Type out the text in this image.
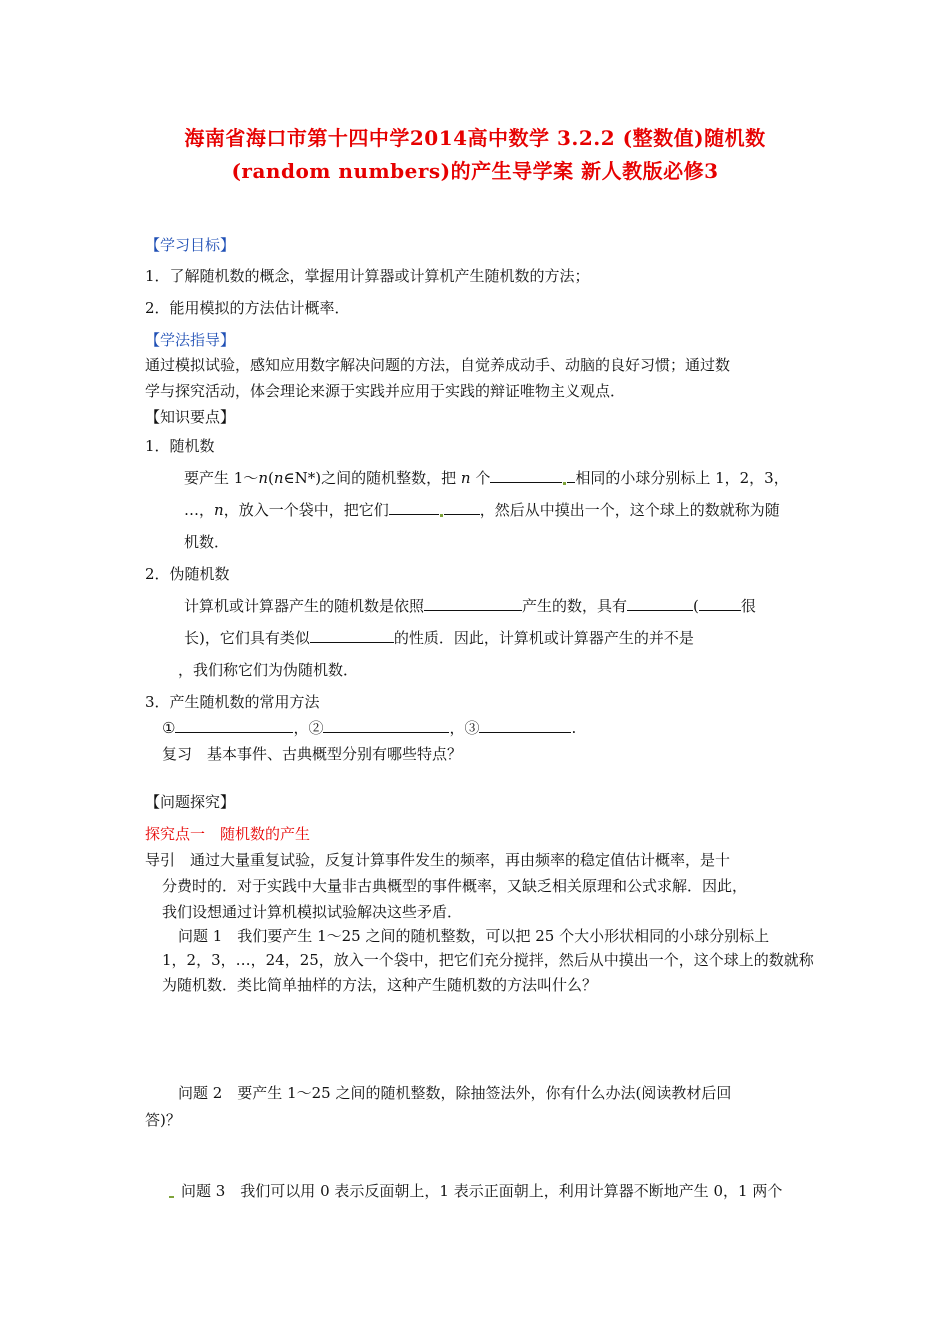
海南省海口市第十四中学2014高中数学 3.2.2 (整数值)随机数
(random numbers)的产生导学案 新人教版必修3
【学习目标】
1．了解随机数的概念，掌握用计算器或计算机产生随机数的方法；
2．能用模拟的方法估计概率．
【学法指导】
通过模拟试验，感知应用数字解决问题的方法，自觉养成动手、动脑的良好习惯；通过数
学与探究活动，体会理论来源于实践并应用于实践的辩证唯物主义观点．
【知识要点】
1．随机数
要产生 1～n(n∈N*)之间的随机整数，把 n 个	相同的小球分别标上 1，2，3，
…，n，放入一个袋中，把它们	，然后从中摸出一个，这个球上的数就称为随
机数．
2．伪随机数
计算机或计算器产生的随机数是依照	产生的数，具有	(	很
长)，它们具有类似	的性质．因此，计算机或计算器产生的并不是
，我们称它们为伪随机数．
3．产生随机数的常用方法
①	，②	，③	.
复习　基本事件、古典概型分别有哪些特点？
【问题探究】
探究点一　随机数的产生
导引　通过大量重复试验，反复计算事件发生的频率，再由频率的稳定值估计概率，是十
分费时的．对于实践中大量非古典概型的事件概率，又缺乏相关原理和公式求解．因此，
我们设想通过计算机模拟试验解决这些矛盾．
问题 1　我们要产生 1～25 之间的随机整数，可以把 25 个大小形状相同的小球分别标上
1，2，3，…，24，25，放入一个袋中，把它们充分搅拌，然后从中摸出一个，这个球上的数就称
为随机数．类比简单抽样的方法，这种产生随机数的方法叫什么？
问题 2　要产生 1～25 之间的随机整数，除抽签法外，你有什么办法(阅读教材后回
答)？
问题 3　我们可以用 0 表示反面朝上，1 表示正面朝上，利用计算器不断地产生 0，1 两个
